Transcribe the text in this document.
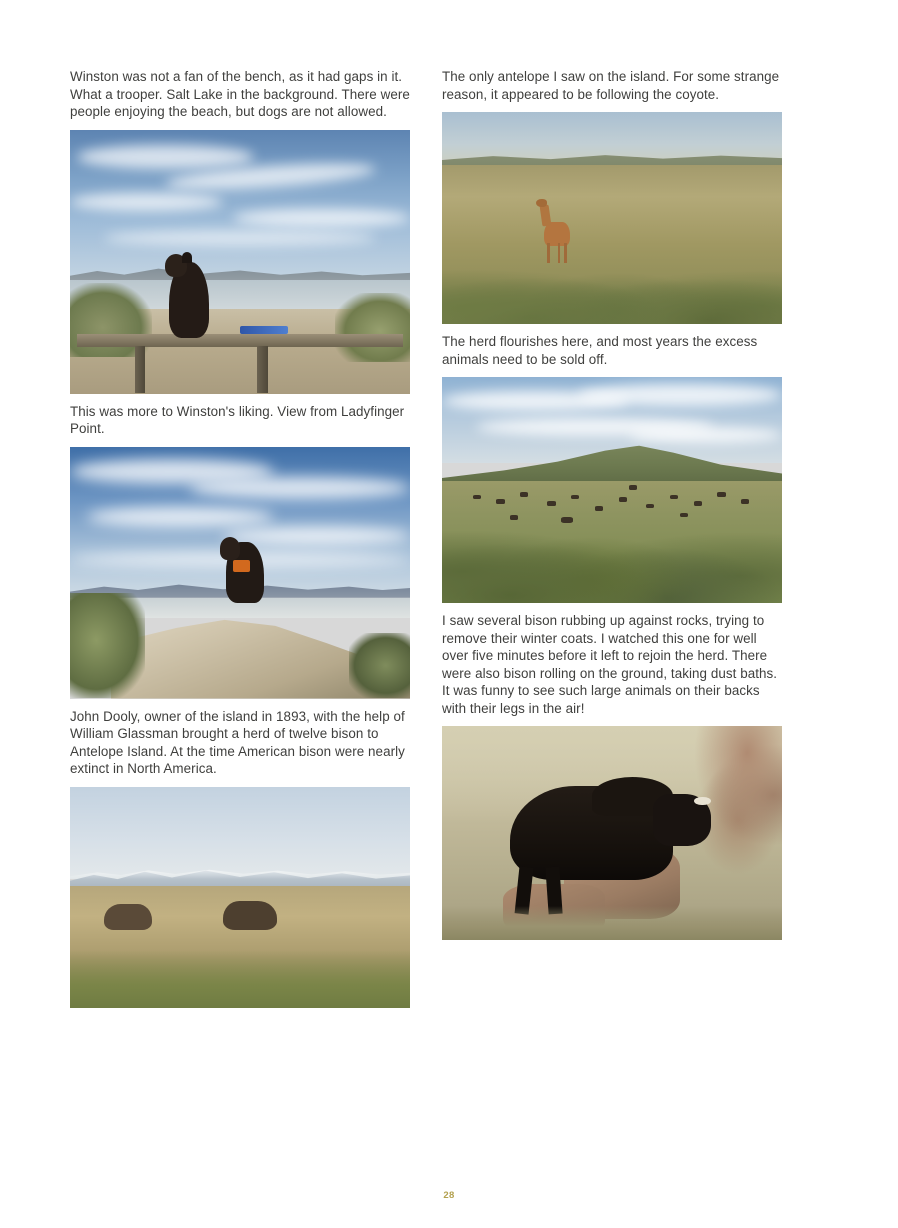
Winston was not a fan of the bench, as it had gaps in it. What a trooper. Salt Lake in the background. There were people enjoying the beach, but dogs are not allowed.

This was more to Winston's liking. View from Ladyfinger Point.

John Dooly, owner of the island in 1893, with the help of William Glassman brought a herd of twelve bison to Antelope Island. At the time American bison were nearly extinct in North America.

The only antelope I saw on the island. For some strange reason, it appeared to be following the coyote.

The herd flourishes here, and most years the excess animals need to be sold off.

I saw several bison rubbing up against rocks, trying to remove their winter coats. I watched this one for well over five minutes before it left to rejoin the herd. There were also bison rolling on the ground, taking dust baths. It was funny to see such large animals on their backs with their legs in the air!

28
